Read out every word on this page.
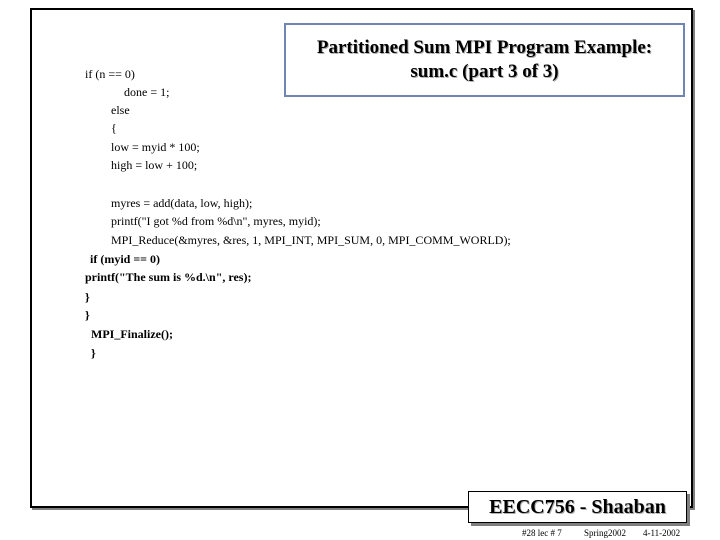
Partitioned Sum MPI Program Example:
sum.c (part 3 of 3)
if (n == 0)
done = 1;
else
{
low = myid * 100;
high = low + 100;
myres = add(data, low, high);
printf("I got %d from %d\n", myres, myid);
MPI_Reduce(&myres, &res, 1, MPI_INT, MPI_SUM, 0, MPI_COMM_WORLD);
if (myid == 0)
printf("The sum is %d.\n", res);
}
}
MPI_Finalize();
}
EECC756 - Shaaban
#28 lec # 7 Spring2002 4-11-2002
